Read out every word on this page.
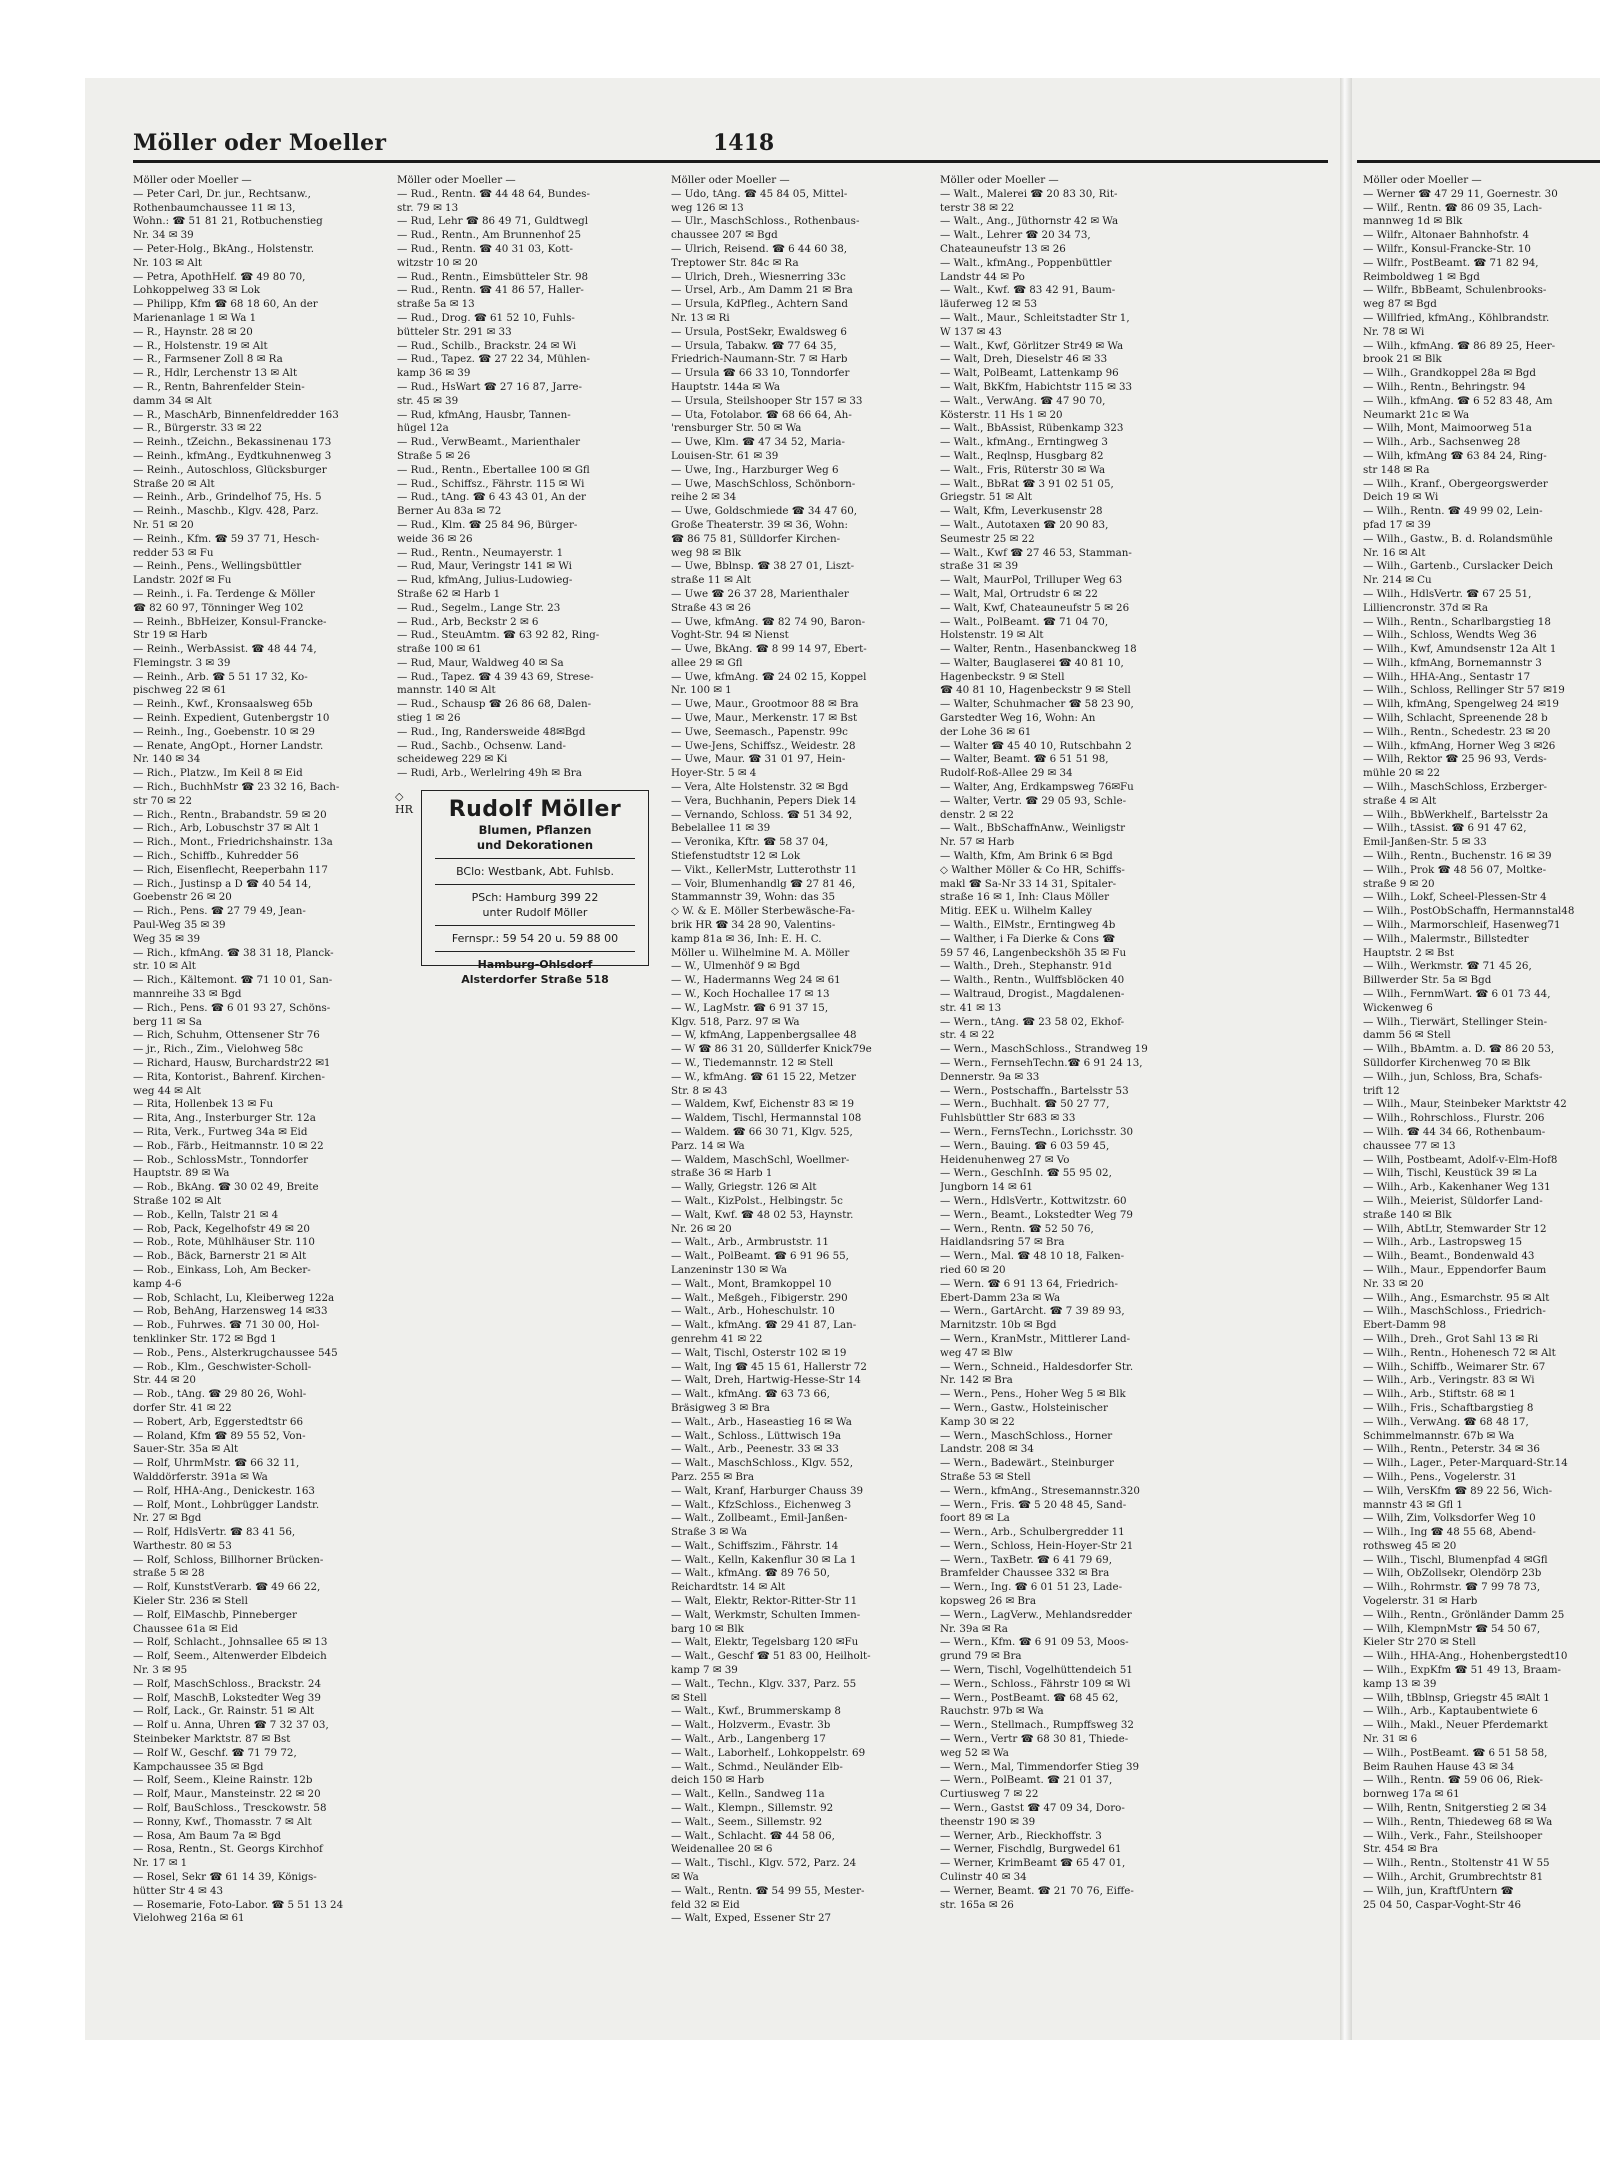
Möller oder Moeller	1418
Möller oder Moeller —
— Peter Carl, Dr. jur., Rechtsanw.,
Rothenbaumchaussee 11 ✉ 13,
Wohn.: ☎ 51 81 21, Rotbuchenstieg
Nr. 34 ✉ 39
— Peter-Holg., BkAng., Holstenstr.
Nr. 103 ✉ Alt
— Petra, ApothHelf. ☎ 49 80 70,
Lohkoppelweg 33 ✉ Lok
— Philipp, Kfm ☎ 68 18 60, An der
Marienanlage 1 ✉ Wa 1
— R., Haynstr. 28 ✉ 20
— R., Holstenstr. 19 ✉ Alt
— R., Farmsener Zoll 8 ✉ Ra
— R., Hdlr, Lerchenstr 13 ✉ Alt
— R., Rentn, Bahrenfelder Stein-
damm 34 ✉ Alt
— R., MaschArb, Binnenfeldredder 163
— R., Bürgerstr. 33 ✉ 22
— Reinh., tZeichn., Bekassinenau 173
— Reinh., kfmAng., Eydtkuhnenweg 3
— Reinh., Autoschloss, Glücksburger
Straße 20 ✉ Alt
— Reinh., Arb., Grindelhof 75, Hs. 5
— Reinh., Maschb., Klgv. 428, Parz.
Nr. 51 ✉ 20
— Reinh., Kfm. ☎ 59 37 71, Hesch-
redder 53 ✉ Fu
— Reinh., Pens., Wellingsbüttler
Landstr. 202f ✉ Fu
— Reinh., i. Fa. Terdenge & Möller
☎ 82 60 97, Tönninger Weg 102
— Reinh., BbHeizer, Konsul-Francke-
Str 19 ✉ Harb
— Reinh., WerbAssist. ☎ 48 44 74,
Flemingstr. 3 ✉ 39
— Reinh., Arb. ☎ 5 51 17 32, Ko-
pischweg 22 ✉ 61
— Reinh., Kwf., Kronsaalsweg 65b
— Reinh. Expedient, Gutenbergstr 10
— Reinh., Ing., Goebenstr. 10 ✉ 29
— Renate, AngOpt., Horner Landstr.
Nr. 140 ✉ 34
— Rich., Platzw., Im Keil 8 ✉ Eid
— Rich., BuchhMstr ☎ 23 32 16, Bach-
str 70 ✉ 22
— Rich., Rentn., Brabandstr. 59 ✉ 20
— Rich., Arb, Lobuschstr 37 ✉ Alt 1
— Rich., Mont., Friedrichshainstr. 13a
— Rich., Schiffb., Kuhredder 56
— Rich, Eisenflecht, Reeperbahn 117
— Rich., Justinsp a D ☎ 40 54 14,
Goebenstr 26 ✉ 20
— Rich., Pens. ☎ 27 79 49, Jean-
Paul-Weg 35 ✉ 39
Weg 35 ✉ 39
— Rich., kfmAng. ☎ 38 31 18, Planck-
str. 10 ✉ Alt
— Rich., Kältemont. ☎ 71 10 01, San-
mannreihe 33 ✉ Bgd
— Rich., Pens. ☎ 6 01 93 27, Schöns-
berg 11 ✉ Sa
— Rich, Schuhm, Ottensener Str 76
— jr., Rich., Zim., Vielohweg 58c
— Richard, Hausw, Burchardstr22 ✉1
— Rita, Kontorist., Bahrenf. Kirchen-
weg 44 ✉ Alt
— Rita, Hollenbek 13 ✉ Fu
— Rita, Ang., Insterburger Str. 12a
— Rita, Verk., Furtweg 34a ✉ Eid
— Rob., Färb., Heitmannstr. 10 ✉ 22
— Rob., SchlossMstr., Tonndorfer
Hauptstr. 89 ✉ Wa
— Rob., BkAng. ☎ 30 02 49, Breite
Straße 102 ✉ Alt
— Rob., Kelln, Talstr 21 ✉ 4
— Rob, Pack, Kegelhofstr 49 ✉ 20
— Rob., Rote, Mühlhäuser Str. 110
— Rob., Bäck, Barnerstr 21 ✉ Alt
— Rob., Einkass, Loh, Am Becker-
kamp 4-6
— Rob, Schlacht, Lu, Kleiberweg 122a
— Rob, BehAng, Harzensweg 14 ✉33
— Rob., Fuhrwes. ☎ 71 30 00, Hol-
tenklinker Str. 172 ✉ Bgd 1
— Rob., Pens., Alsterkrugchaussee 545
— Rob., Klm., Geschwister-Scholl-
Str. 44 ✉ 20
— Rob., tAng. ☎ 29 80 26, Wohl-
dorfer Str. 41 ✉ 22
— Robert, Arb, Eggerstedtstr 66
— Roland, Kfm ☎ 89 55 52, Von-
Sauer-Str. 35a ✉ Alt
— Rolf, UhrmMstr. ☎ 66 32 11,
Walddörferstr. 391a ✉ Wa
— Rolf, HHA-Ang., Denickestr. 163
— Rolf, Mont., Lohbrügger Landstr.
Nr. 27 ✉ Bgd
— Rolf, HdlsVertr. ☎ 83 41 56,
Warthestr. 80 ✉ 53
— Rolf, Schloss, Billhorner Brücken-
straße 5 ✉ 28
— Rolf, KunststVerarb. ☎ 49 66 22,
Kieler Str. 236 ✉ Stell
— Rolf, ElMaschb, Pinneberger
Chaussee 61a ✉ Eid
— Rolf, Schlacht., Johnsallee 65 ✉ 13
— Rolf, Seem., Altenwerder Elbdeich
Nr. 3 ✉ 95
— Rolf, MaschSchloss., Brackstr. 24
— Rolf, MaschB, Lokstedter Weg 39
— Rolf, Lack., Gr. Rainstr. 51 ✉ Alt
— Rolf u. Anna, Uhren ☎ 7 32 37 03,
Steinbeker Marktstr. 87 ✉ Bst
— Rolf W., Geschf. ☎ 71 79 72,
Kampchaussee 35 ✉ Bgd
— Rolf, Seem., Kleine Rainstr. 12b
— Rolf, Maur., Mansteinstr. 22 ✉ 20
— Rolf, BauSchloss., Tresckowstr. 58
— Ronny, Kwf., Thomasstr. 7 ✉ Alt
— Rosa, Am Baum 7a ✉ Bgd
— Rosa, Rentn., St. Georgs Kirchhof
Nr. 17 ✉ 1
— Rosel, Sekr ☎ 61 14 39, Königs-
hütter Str 4 ✉ 43
— Rosemarie, Foto-Labor. ☎ 5 51 13 24
Vielohweg 216a ✉ 61
Möller oder Moeller —
— Rud., Rentn. ☎ 44 48 64, Bundes-
str. 79 ✉ 13
— Rud, Lehr ☎ 86 49 71, Guldtwegl
— Rud., Rentn., Am Brunnenhof 25
— Rud., Rentn. ☎ 40 31 03, Kott-
witzstr 10 ✉ 20
— Rud., Rentn., Eimsbütteler Str. 98
— Rud., Rentn. ☎ 41 86 57, Haller-
straße 5a ✉ 13
— Rud., Drog. ☎ 61 52 10, Fuhls-
bütteler Str. 291 ✉ 33
— Rud., Schilb., Brackstr. 24 ✉ Wi
— Rud., Tapez. ☎ 27 22 34, Mühlen-
kamp 36 ✉ 39
— Rud., HsWart ☎ 27 16 87, Jarre-
str. 45 ✉ 39
— Rud, kfmAng, Hausbr, Tannen-
hügel 12a
— Rud., VerwBeamt., Marienthaler
Straße 5 ✉ 26
— Rud., Rentn., Ebertallee 100 ✉ Gfl
— Rud., Schiffsz., Fährstr. 115 ✉ Wi
— Rud., tAng. ☎ 6 43 43 01, An der
Berner Au 83a ✉ 72
— Rud., Klm. ☎ 25 84 96, Bürger-
weide 36 ✉ 26
— Rud., Rentn., Neumayerstr. 1
— Rud, Maur, Veringstr 141 ✉ Wi
— Rud, kfmAng, Julius-Ludowieg-
Straße 62 ✉ Harb 1
— Rud., Segelm., Lange Str. 23
— Rud., Arb, Beckstr 2 ✉ 6
— Rud., SteuAmtm. ☎ 63 92 82, Ring-
straße 100 ✉ 61
— Rud, Maur, Waldweg 40 ✉ Sa
— Rud., Tapez. ☎ 4 39 43 69, Strese-
mannstr. 140 ✉ Alt
— Rud., Schausp ☎ 26 86 68, Dalen-
stieg 1 ✉ 26
— Rud., Ing, Randersweide 48✉Bgd
— Rud., Sachb., Ochsenw. Land-
scheideweg 229 ✉ Ki
— Rudi, Arb., Werlelring 49h ✉ Bra
Möller oder Moeller —
— Udo, tAng. ☎ 45 84 05, Mittel-
weg 126 ✉ 13
— Ulr., MaschSchloss., Rothenbaus-
chaussee 207 ✉ Bgd
— Ulrich, Reisend. ☎ 6 44 60 38,
Treptower Str. 84c ✉ Ra
— Ulrich, Dreh., Wiesnerring 33c
— Ursel, Arb., Am Damm 21 ✉ Bra
— Ursula, KdPfleg., Achtern Sand
Nr. 13 ✉ Ri
— Ursula, PostSekr, Ewaldsweg 6
— Ursula, Tabakw. ☎ 77 64 35,
Friedrich-Naumann-Str. 7 ✉ Harb
— Ursula ☎ 66 33 10, Tonndorfer
Hauptstr. 144a ✉ Wa
— Ursula, Steilshooper Str 157 ✉ 33
— Uta, Fotolabor. ☎ 68 66 64, Ah-
'rensburger Str. 50 ✉ Wa
— Uwe, Klm. ☎ 47 34 52, Maria-
Louisen-Str. 61 ✉ 39
— Uwe, Ing., Harzburger Weg 6
— Uwe, MaschSchloss, Schönborn-
reihe 2 ✉ 34
— Uwe, Goldschmiede ☎ 34 47 60,
Große Theaterstr. 39 ✉ 36, Wohn:
☎ 86 75 81, Sülldorfer Kirchen-
weg 98 ✉ Blk
— Uwe, Bblnsp. ☎ 38 27 01, Liszt-
straße 11 ✉ Alt
— Uwe ☎ 26 37 28, Marienthaler
Straße 43 ✉ 26
— Uwe, kfmAng. ☎ 82 74 90, Baron-
Voght-Str. 94 ✉ Nienst
— Uwe, BkAng. ☎ 8 99 14 97, Ebert-
allee 29 ✉ Gfl
— Uwe, kfmAng. ☎ 24 02 15, Koppel
Nr. 100 ✉ 1
— Uwe, Maur., Grootmoor 88 ✉ Bra
— Uwe, Maur., Merkenstr. 17 ✉ Bst
— Uwe, Seemasch., Papenstr. 99c
— Uwe-Jens, Schiffsz., Weidestr. 28
— Uwe, Maur. ☎ 31 01 97, Hein-
Hoyer-Str. 5 ✉ 4
— Vera, Alte Holstenstr. 32 ✉ Bgd
— Vera, Buchhanin, Pepers Diek 14
— Vernando, Schloss. ☎ 51 34 92,
Bebelallee 11 ✉ 39
— Veronika, Kftr. ☎ 58 37 04,
Stiefenstudtstr 12 ✉ Lok
— Vikt., KellerMstr, Lutterothstr 11
— Voir, Blumenhandlg ☎ 27 81 46,
Stammannstr 39, Wohn: das 35
◇ W. & E. Möller Sterbewäsche-Fa-
brik HR ☎ 34 28 90, Valentins-
kamp 81a ✉ 36, Inh: E. H. C.
Möller u. Wilhelmine M. A. Möller
— W., Ulmenhöf 9 ✉ Bgd
— W., Hadermanns Weg 24 ✉ 61
— W., Koch Hochallee 17 ✉ 13
— W., LagMstr. ☎ 6 91 37 15,
Klgv. 518, Parz. 97 ✉ Wa
— W, kfmAng, Lappenbergsallee 48
— W ☎ 86 31 20, Süllderfer Knick79e
— W., Tiedemannstr. 12 ✉ Stell
— W., kfmAng. ☎ 61 15 22, Metzer
Str. 8 ✉ 43
— Waldem, Kwf, Eichenstr 83 ✉ 19
— Waldem, Tischl, Hermannstal 108
— Waldem. ☎ 66 30 71, Klgv. 525,
Parz. 14 ✉ Wa
— Waldem, MaschSchl, Woellmer-
straße 36 ✉ Harb 1
— Wally, Griegstr. 126 ✉ Alt
— Walt., KizPolst., Helbingstr. 5c
— Walt, Kwf. ☎ 48 02 53, Haynstr.
Nr. 26 ✉ 20
— Walt., Arb., Armbruststr. 11
— Walt., PolBeamt. ☎ 6 91 96 55,
Lanzeninstr 130 ✉ Wa
— Walt., Mont, Bramkoppel 10
— Walt., Meßgeh., Fibigerstr. 290
— Walt., Arb., Hoheschulstr. 10
— Walt., kfmAng. ☎ 29 41 87, Lan-
genrehm 41 ✉ 22
— Walt, Tischl, Osterstr 102 ✉ 19
— Walt, Ing ☎ 45 15 61, Hallerstr 72
— Walt, Dreh, Hartwig-Hesse-Str 14
— Walt., kfmAng. ☎ 63 73 66,
Bräsigweg 3 ✉ Bra
— Walt., Arb., Haseastieg 16 ✉ Wa
— Walt., Schloss., Lüttwisch 19a
— Walt., Arb., Peenestr. 33 ✉ 33
— Walt., MaschSchloss., Klgv. 552,
Parz. 255 ✉ Bra
— Walt, Kranf, Harburger Chauss 39
— Walt., KfzSchloss., Eichenweg 3
— Walt., Zollbeamt., Emil-Janßen-
Straße 3 ✉ Wa
— Walt., Schiffszim., Fährstr. 14
— Walt., Kelln, Kakenflur 30 ✉ La 1
— Walt., kfmAng. ☎ 89 76 50,
Reichardtstr. 14 ✉ Alt
— Walt, Elektr, Rektor-Ritter-Str 11
— Walt, Werkmstr, Schulten Immen-
barg 10 ✉ Blk
— Walt, Elektr, Tegelsbarg 120 ✉Fu
— Walt., Geschf ☎ 51 83 00, Heilholt-
kamp 7 ✉ 39
— Walt., Techn., Klgv. 337, Parz. 55
✉ Stell
— Walt., Kwf., Brummerskamp 8
— Walt., Holzverm., Evastr. 3b
— Walt., Arb., Langenberg 17
— Walt., Laborhelf., Lohkoppelstr. 69
— Walt., Schmd., Neuländer Elb-
deich 150 ✉ Harb
— Walt., Kelln., Sandweg 11a
— Walt., Klempn., Sillemstr. 92
— Walt., Seem., Sillemstr. 92
— Walt., Schlacht. ☎ 44 58 06,
Weidenallee 20 ✉ 6
— Walt., Tischl., Klgv. 572, Parz. 24
✉ Wa
— Walt., Rentn. ☎ 54 99 55, Mester-
feld 32 ✉ Eid
— Walt, Exped, Essener Str 27
Möller oder Moeller —
— Walt., Malerei ☎ 20 83 30, Rit-
terstr 38 ✉ 22
— Walt., Ang., Jüthornstr 42 ✉ Wa
— Walt., Lehrer ☎ 20 34 73,
Chateauneufstr 13 ✉ 26
— Walt., kfmAng., Poppenbüttler
Landstr 44 ✉ Po
— Walt., Kwf. ☎ 83 42 91, Baum-
läuferweg 12 ✉ 53
— Walt., Maur., Schleitstadter Str 1,
W 137 ✉ 43
— Walt., Kwf, Görlitzer Str49 ✉ Wa
— Walt, Dreh, Dieselstr 46 ✉ 33
— Walt, PolBeamt, Lattenkamp 96
— Walt, BkKfm, Habichtstr 115 ✉ 33
— Walt., VerwAng. ☎ 47 90 70,
Kösterstr. 11 Hs 1 ✉ 20
— Walt., BbAssist, Rübenkamp 323
— Walt., kfmAng., Erntingweg 3
— Walt., Reqlnsp, Husgbarg 82
— Walt., Fris, Rüterstr 30 ✉ Wa
— Walt., BbRat ☎ 3 91 02 51 05,
Griegstr. 51 ✉ Alt
— Walt, Kfm, Leverkusenstr 28
— Walt., Autotaxen ☎ 20 90 83,
Seumestr 25 ✉ 22
— Walt., Kwf ☎ 27 46 53, Stamman-
straße 31 ✉ 39
— Walt, MaurPol, Trilluper Weg 63
— Walt, Mal, Ortrudstr 6 ✉ 22
— Walt, Kwf, Chateauneufstr 5 ✉ 26
— Walt., PolBeamt. ☎ 71 04 70,
Holstenstr. 19 ✉ Alt
— Walter, Rentn., Hasenbanckweg 18
— Walter, Bauglaserei ☎ 40 81 10,
Hagenbeckstr. 9 ✉ Stell
☎ 40 81 10, Hagenbeckstr 9 ✉ Stell
— Walter, Schuhmacher ☎ 58 23 90,
Garstedter Weg 16, Wohn: An
der Lohe 36 ✉ 61
— Walter ☎ 45 40 10, Rutschbahn 2
— Walter, Beamt. ☎ 6 51 51 98,
Rudolf-Roß-Allee 29 ✉ 34
— Walter, Ang, Erdkampsweg 76✉Fu
— Walter, Vertr. ☎ 29 05 93, Schle-
denstr. 2 ✉ 22
— Walt., BbSchaffnAnw., Weinligstr
Nr. 57 ✉ Harb
— Walth, Kfm, Am Brink 6 ✉ Bgd
◇ Walther Möller & Co HR, Schiffs-
makl ☎ Sa-Nr 33 14 31, Spitaler-
straße 16 ✉ 1, Inh: Claus Möller
Mitig. EEK u. Wilhelm Kalley
— Walth., ElMstr., Erntingweg 4b
— Walther, i Fa Dierke & Cons ☎
59 57 46, Langenbeckshöh 35 ✉ Fu
— Walth., Dreh., Stephanstr. 91d
— Walth., Rentn., Wulffsblöcken 40
— Waltraud, Drogist., Magdalenen-
str. 41 ✉ 13
— Wern., tAng. ☎ 23 58 02, Ekhof-
str. 4 ✉ 22
— Wern., MaschSchloss., Strandweg 19
— Wern., FernsehTechn.☎ 6 91 24 13,
Dennerstr. 9a ✉ 33
— Wern., Postschaffn., Bartelsstr 53
— Wern., Buchhalt. ☎ 50 27 77,
Fuhlsbüttler Str 683 ✉ 33
— Wern., FernsTechn., Lorichsstr. 30
— Wern., Bauing. ☎ 6 03 59 45,
Heidenuhenweg 27 ✉ Vo
— Wern., GeschInh. ☎ 55 95 02,
Jungborn 14 ✉ 61
— Wern., HdlsVertr., Kottwitzstr. 60
— Wern., Beamt., Lokstedter Weg 79
— Wern., Rentn. ☎ 52 50 76,
Haidlandsring 57 ✉ Bra
— Wern., Mal. ☎ 48 10 18, Falken-
ried 60 ✉ 20
— Wern. ☎ 6 91 13 64, Friedrich-
Ebert-Damm 23a ✉ Wa
— Wern., GartArcht. ☎ 7 39 89 93,
Marnitzstr. 10b ✉ Bgd
— Wern., KranMstr., Mittlerer Land-
weg 47 ✉ Blw
— Wern., Schneid., Haldesdorfer Str.
Nr. 142 ✉ Bra
— Wern., Pens., Hoher Weg 5 ✉ Blk
— Wern., Gastw., Holsteinischer
Kamp 30 ✉ 22
— Wern., MaschSchloss., Horner
Landstr. 208 ✉ 34
— Wern., Badewärt., Steinburger
Straße 53 ✉ Stell
— Wern., kfmAng., Stresemannstr.320
— Wern., Fris. ☎ 5 20 48 45, Sand-
foort 89 ✉ La
— Wern., Arb., Schulbergredder 11
— Wern., Schloss, Hein-Hoyer-Str 21
— Wern., TaxBetr. ☎ 6 41 79 69,
Bramfelder Chaussee 332 ✉ Bra
— Wern., Ing. ☎ 6 01 51 23, Lade-
kopsweg 26 ✉ Bra
— Wern., LagVerw., Mehlandsredder
Nr. 39a ✉ Ra
— Wern., Kfm. ☎ 6 91 09 53, Moos-
grund 79 ✉ Bra
— Wern, Tischl, Vogelhüttendeich 51
— Wern., Schloss., Fährstr 109 ✉ Wi
— Wern., PostBeamt. ☎ 68 45 62,
Rauchstr. 97b ✉ Wa
— Wern., Stellmach., Rumpffsweg 32
— Wern., Vertr ☎ 68 30 81, Thiede-
weg 52 ✉ Wa
— Wern., Mal, Timmendorfer Stieg 39
— Wern., PolBeamt. ☎ 21 01 37,
Curtiusweg 7 ✉ 22
— Wern., Gastst ☎ 47 09 34, Doro-
theenstr 190 ✉ 39
— Werner, Arb., Rieckhoffstr. 3
— Werner, Fischdlg, Burgwedel 61
— Werner, KrimBeamt ☎ 65 47 01,
Culinstr 40 ✉ 34
— Werner, Beamt. ☎ 21 70 76, Eiffe-
str. 165a ✉ 26
Möller oder Moeller —
— Werner ☎ 47 29 11, Goernestr. 30
— Wilf., Rentn. ☎ 86 09 35, Lach-
mannweg 1d ✉ Blk
— Wilfr., Altonaer Bahnhofstr. 4
— Wilfr., Konsul-Francke-Str. 10
— Wilfr., PostBeamt. ☎ 71 82 94,
Reimboldweg 1 ✉ Bgd
— Wilfr., BbBeamt, Schulenbrooks-
weg 87 ✉ Bgd
— Willfried, kfmAng., Köhlbrandstr.
Nr. 78 ✉ Wi
— Wilh., kfmAng. ☎ 86 89 25, Heer-
brook 21 ✉ Blk
— Wilh., Grandkoppel 28a ✉ Bgd
— Wilh., Rentn., Behringstr. 94
— Wilh., kfmAng. ☎ 6 52 83 48, Am
Neumarkt 21c ✉ Wa
— Wilh, Mont, Maimoorweg 51a
— Wilh., Arb., Sachsenweg 28
— Wilh, kfmAng ☎ 63 84 24, Ring-
str 148 ✉ Ra
— Wilh., Kranf., Obergeorgswerder
Deich 19 ✉ Wi
— Wilh., Rentn. ☎ 49 99 02, Lein-
pfad 17 ✉ 39
— Wilh., Gastw., B. d. Rolandsmühle
Nr. 16 ✉ Alt
— Wilh., Gartenb., Curslacker Deich
Nr. 214 ✉ Cu
— Wilh., HdlsVertr. ☎ 67 25 51,
Lilliencronstr. 37d ✉ Ra
— Wilh., Rentn., Scharlbargstieg 18
— Wilh., Schloss, Wendts Weg 36
— Wilh., Kwf, Amundsenstr 12a Alt 1
— Wilh., kfmAng, Bornemannstr 3
— Wilh., HHA-Ang., Sentastr 17
— Wilh., Schloss, Rellinger Str 57 ✉19
— Wilh, kfmAng, Spengelweg 24 ✉19
— Wilh, Schlacht, Spreenende 28 b
— Wilh., Rentn., Schedestr. 23 ✉ 20
— Wilh., kfmAng, Horner Weg 3 ✉26
— Wilh, Rektor ☎ 25 96 93, Verds-
mühle 20 ✉ 22
— Wilh., MaschSchloss, Erzberger-
straße 4 ✉ Alt
— Wilh., BbWerkhelf., Bartelsstr 2a
— Wilh., tAssist. ☎ 6 91 47 62,
Emil-Janßen-Str. 5 ✉ 33
— Wilh., Rentn., Buchenstr. 16 ✉ 39
— Wilh., Prok ☎ 48 56 07, Moltke-
straße 9 ✉ 20
— Wilh., Lokf, Scheel-Plessen-Str 4
— Wilh., PostObSchaffn, Hermannstal48
— Wilh., Marmorschleif, Hasenweg71
— Wilh., Malermstr., Billstedter
Hauptstr. 2 ✉ Bst
— Wilh., Werkmstr. ☎ 71 45 26,
Billwerder Str. 5a ✉ Bgd
— Wilh., FernmWart. ☎ 6 01 73 44,
Wickenweg 6
— Wilh., Tierwärt, Stellinger Stein-
damm 56 ✉ Stell
— Wilh., BbAmtm. a. D. ☎ 86 20 53,
Sülldorfer Kirchenweg 70 ✉ Blk
— Wilh., jun, Schloss, Bra, Schafs-
trift 12
— Wilh., Maur, Steinbeker Marktstr 42
— Wilh., Rohrschloss., Flurstr. 206
— Wilh. ☎ 44 34 66, Rothenbaum-
chaussee 77 ✉ 13
— Wilh, Postbeamt, Adolf-v-Elm-Hof8
— Wilh, Tischl, Keustück 39 ✉ La
— Wilh., Arb., Kakenhaner Weg 131
— Wilh., Meierist, Süldorfer Land-
straße 140 ✉ Blk
— Wilh, AbtLtr, Stemwarder Str 12
— Wilh., Arb., Lastropsweg 15
— Wilh., Beamt., Bondenwald 43
— Wilh., Maur., Eppendorfer Baum
Nr. 33 ✉ 20
— Wilh., Ang., Esmarchstr. 95 ✉ Alt
— Wilh., MaschSchloss., Friedrich-
Ebert-Damm 98
— Wilh., Dreh., Grot Sahl 13 ✉ Ri
— Wilh., Rentn., Hohenesch 72 ✉ Alt
— Wilh., Schiffb., Weimarer Str. 67
— Wilh., Arb., Veringstr. 83 ✉ Wi
— Wilh., Arb., Stiftstr. 68 ✉ 1
— Wilh., Fris., Schaftbargstieg 8
— Wilh., VerwAng. ☎ 68 48 17,
Schimmelmannstr. 67b ✉ Wa
— Wilh., Rentn., Peterstr. 34 ✉ 36
— Wilh., Lager., Peter-Marquard-Str.14
— Wilh., Pens., Vogelerstr. 31
— Wilh, VersKfm ☎ 89 22 56, Wich-
mannstr 43 ✉ Gfl 1
— Wilh, Zim, Volksdorfer Weg 10
— Wilh., Ing ☎ 48 55 68, Abend-
rothsweg 45 ✉ 20
— Wilh., Tischl, Blumenpfad 4 ✉Gfl
— Wilh, ObZollsekr, Olendörp 23b
— Wilh., Rohrmstr. ☎ 7 99 78 73,
Vogelerstr. 31 ✉ Harb
— Wilh., Rentn., Grönländer Damm 25
— Wilh, KlempnMstr ☎ 54 50 67,
Kieler Str 270 ✉ Stell
— Wilh., HHA-Ang., Hohenbergstedt10
— Wilh., ExpKfm ☎ 51 49 13, Braam-
kamp 13 ✉ 39
— Wilh, tBblnsp, Griegstr 45 ✉Alt 1
— Wilh., Arb., Kaptaubentwiete 6
— Wilh., Makl., Neuer Pferdemarkt
Nr. 31 ✉ 6
— Wilh., PostBeamt. ☎ 6 51 58 58,
Beim Rauhen Hause 43 ✉ 34
— Wilh., Rentn. ☎ 59 06 06, Riek-
bornweg 17a ✉ 61
— Wilh, Rentn, Snitgerstieg 2 ✉ 34
— Wilh., Rentn, Thiedeweg 68 ✉ Wa
— Wilh., Verk., Fahr., Steilshooper
Str. 454 ✉ Bra
— Wilh., Rentn., Stoltenstr 41 W 55
— Wilh., Archit, Grumbrechtstr 81
— Wilh, jun, KraftfUntern ☎
25 04 50, Caspar-Voght-Str 46
◇
HR	Rudolf Möller
Blumen, Pflanzen
und Dekorationen
BClo: Westbank, Abt. Fuhlsb.
PSch: Hamburg 399 22
unter Rudolf Möller
Fernspr.: 59 54 20 u. 59 88 00
Hamburg-Ohlsdorf
Alsterdorfer Straße 518
